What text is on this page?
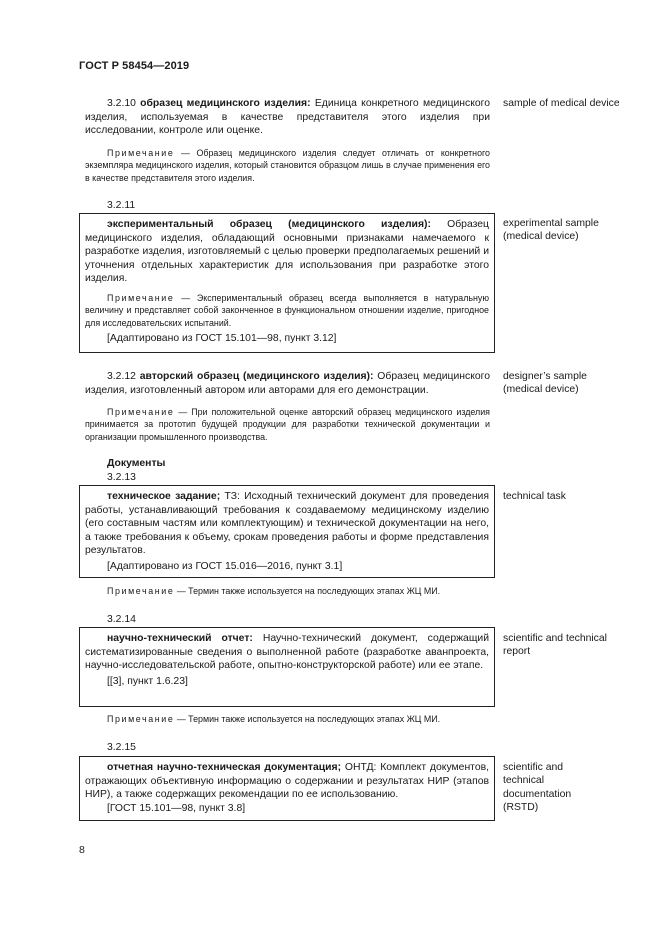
ГОСТ Р 58454—2019

3.2.10 образец медицинского изделия: Единица конкретного медицинского изделия, используемая в качестве представителя этого изделия при исследовании, контроле или оценке.

sample of medical device
Примечание — Образец медицинского изделия следует отличать от конкретного экземпляра медицинского изделия, который становится образцом лишь в случае применения его в качестве представителя этого изделия.
3.2.11

экспериментальный образец (медицинского изделия): Образец медицинского изделия, обладающий основными признаками намечаемого к разработке изделия, изготовляемый с целью проверки предполагаемых решений и уточнения отдельных характеристик для использования при разработке этого изделия.

Примечание — Экспериментальный образец всегда выполняется в натуральную величину и представляет собой законченное в функциональном отношении изделие, пригодное для исследовательских испытаний.
[Адаптировано из ГОСТ 15.101—98, пункт 3.12]
experimental sample (medical device)

3.2.12 авторский образец (медицинского изделия): Образец медицинского изделия, изготовленный автором или авторами для его демонстрации.

designer’s sample (medical device)
Примечание — При положительной оценке авторский образец медицинского изделия принимается за прототип будущей продукции для разработки технической документации и организации промышленного производства.
Документы
3.2.13

техническое задание; ТЗ: Исходный технический документ для проведения работы, устанавливающий требования к создаваемому медицинскому изделию (его составным частям или комплектующим) и технической документации на него, а также требования к объему, срокам проведения работы и форме представления результатов.

[Адаптировано из ГОСТ 15.016—2016, пункт 3.1]
technical task
Примечание — Термин также используется на последующих этапах ЖЦ МИ.
3.2.14

научно-технический отчет: Научно-технический документ, содержащий систематизированные сведения о выполненной работе (разработке аванпроекта, научно-исследовательской работе, опытно-конструкторской работе) или ее этапе.

[[3], пункт 1.6.23]
scientific and technical report
Примечание — Термин также используется на последующих этапах ЖЦ МИ.
3.2.15

отчетная научно-техническая документация; ОНТД: Комплект документов, отражающих объективную информацию о содержании и результатах НИР (этапов НИР), а также содержащих рекомендации по ее использованию.

[ГОСТ 15.101—98, пункт 3.8]
scientific and technical documentation (RSTD)
8
